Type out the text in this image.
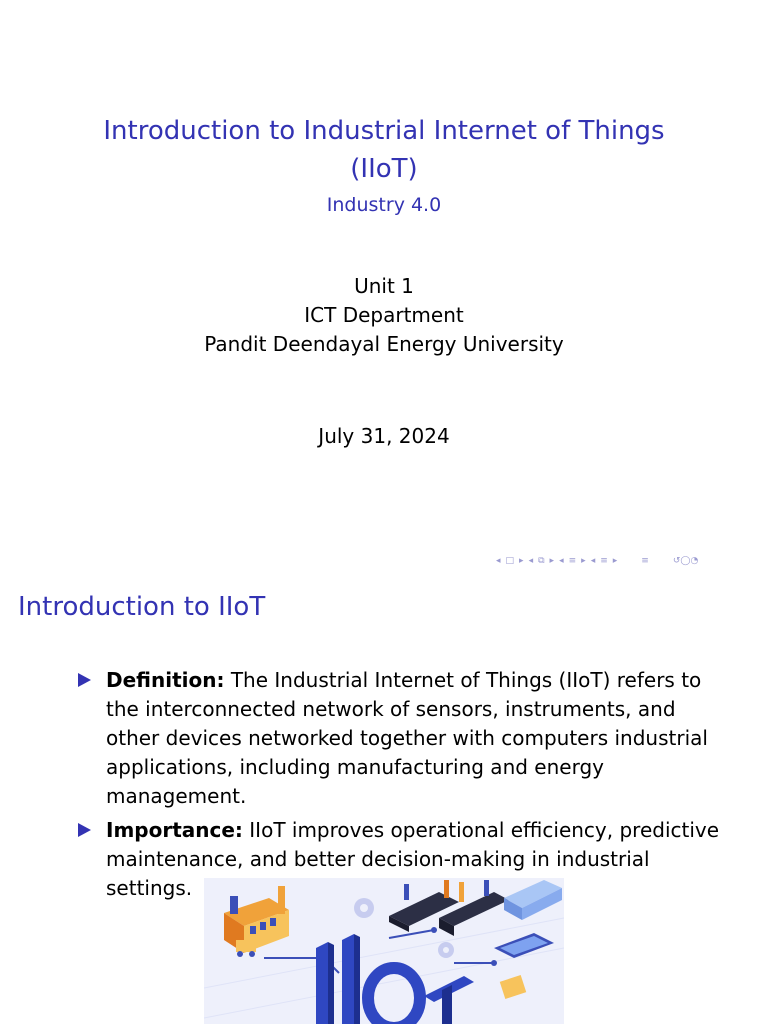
Introduction to Industrial Internet of Things (IIoT)
Industry 4.0
Unit 1
ICT Department
Pandit Deendayal Energy University
July 31, 2024
◂ □ ▸ ◂ ⧉ ▸ ◂ ≡ ▸ ◂ ≡ ▸	≡	↺◯◔
Introduction to IIoT
Definition: The Industrial Internet of Things (IIoT) refers to the interconnected network of sensors, instruments, and other devices networked together with computers industrial applications, including manufacturing and energy management.
Importance: IIoT improves operational efficiency, predictive maintenance, and better decision-making in industrial settings.
